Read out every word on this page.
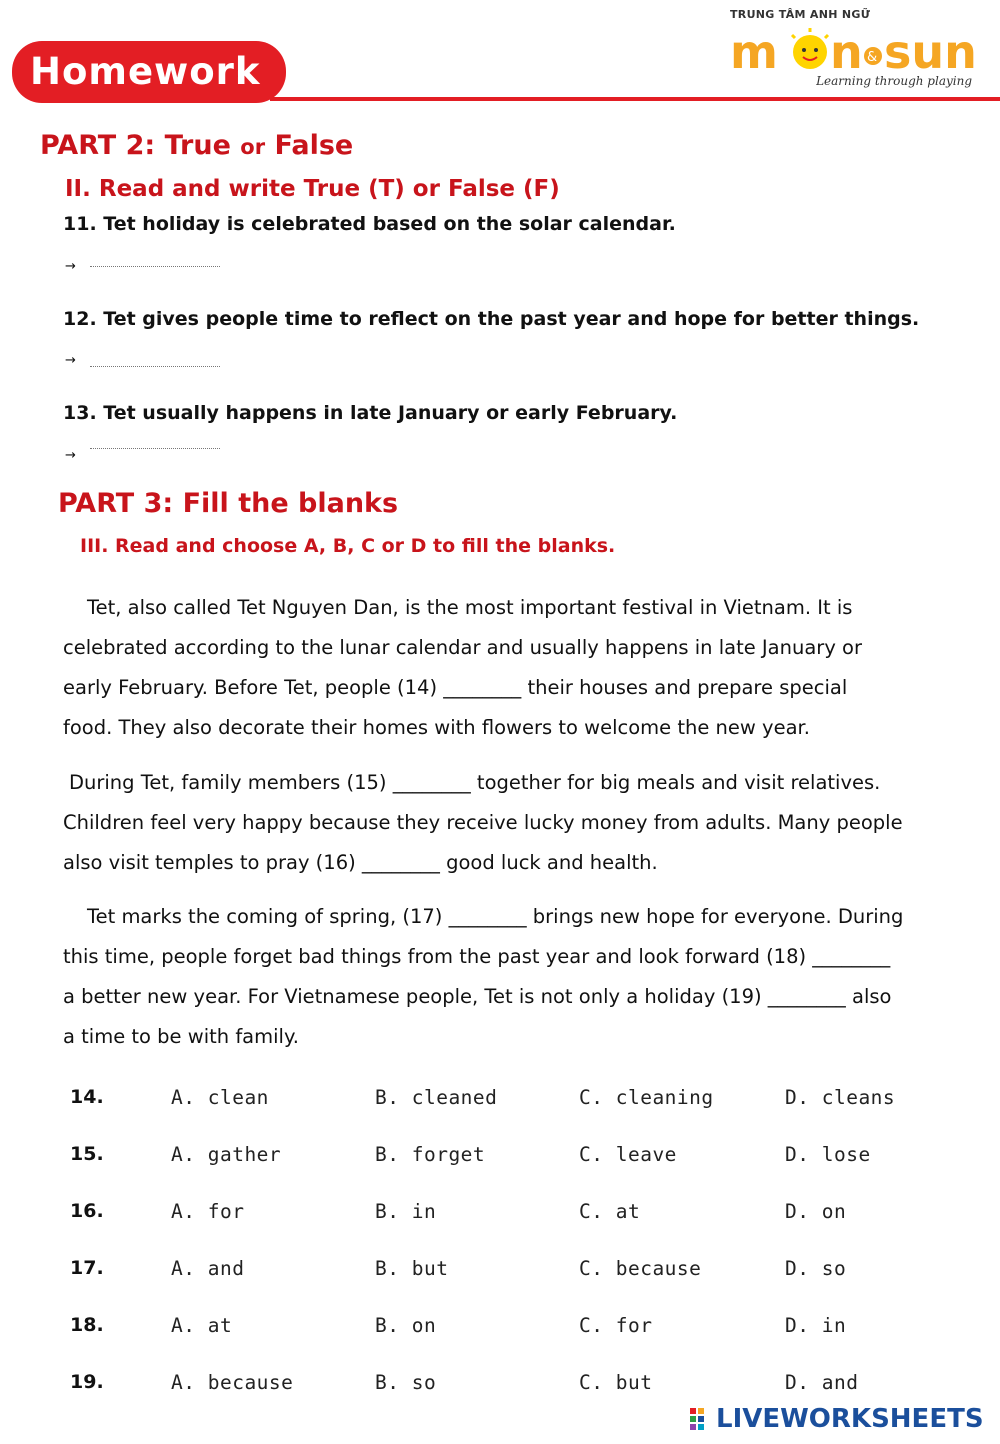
Homework
TRUNG TÂM ANH NGỮ
m n & sun
Learning through playing
PART 2: True or False
II. Read and write True (T) or False (F)
11. Tet holiday is celebrated based on the solar calendar.
→
12. Tet gives people time to reflect on the past year and hope for better things.
→
13. Tet usually happens in late January or early February.
→
PART 3: Fill the blanks
III. Read and choose A, B, C or D to fill the blanks.
Tet, also called Tet Nguyen Dan, is the most important festival in Vietnam. It is
celebrated according to the lunar calendar and usually happens in late January or
early February. Before Tet, people (14) ________ their houses and prepare special
food. They also decorate their homes with flowers to welcome the new year.
During Tet, family members (15) ________ together for big meals and visit relatives.
Children feel very happy because they receive lucky money from adults. Many people
also visit temples to pray (16) ________ good luck and health.
Tet marks the coming of spring, (17) ________ brings new hope for everyone. During
this time, people forget bad things from the past year and look forward (18) ________
a better new year. For Vietnamese people, Tet is not only a holiday (19) ________ also
a time to be with family.
14.	A. clean	B. cleaned	C. cleaning	D. cleans
15.	A. gather	B. forget	C. leave	D. lose
16.	A. for	B. in	C. at	D. on
17.	A. and	B. but	C. because	D. so
18.	A. at	B. on	C. for	D. in
19.	A. because	B. so	C. but	D. and
LIVEWORKSHEETS
